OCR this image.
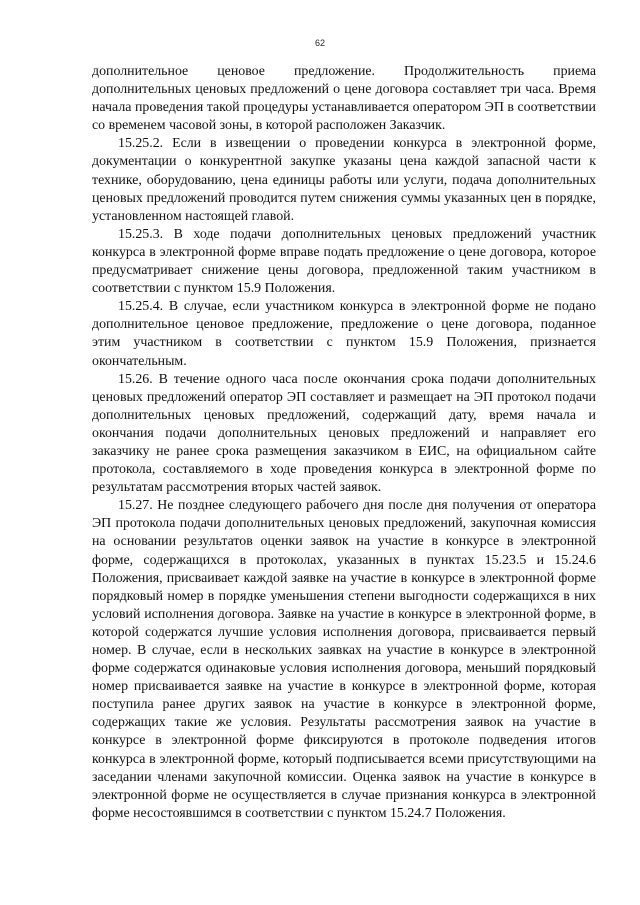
62

дополнительное ценовое предложение. Продолжительность приема дополнительных ценовых предложений о цене договора составляет три часа. Время начала проведения такой процедуры устанавливается оператором ЭП в соответствии со временем часовой зоны, в которой расположен Заказчик.

15.25.2. Если в извещении о проведении конкурса в электронной форме, документации о конкурентной закупке указаны цена каждой запасной части к технике, оборудованию, цена единицы работы или услуги, подача дополнительных ценовых предложений проводится путем снижения суммы указанных цен в порядке, установленном настоящей главой.

15.25.3. В ходе подачи дополнительных ценовых предложений участник конкурса в электронной форме вправе подать предложение о цене договора, которое предусматривает снижение цены договора, предложенной таким участником в соответствии с пунктом 15.9 Положения.

15.25.4. В случае, если участником конкурса в электронной форме не подано дополнительное ценовое предложение, предложение о цене договора, поданное этим участником в соответствии с пунктом 15.9 Положения, признается окончательным.

15.26. В течение одного часа после окончания срока подачи дополнительных ценовых предложений оператор ЭП составляет и размещает на ЭП протокол подачи дополнительных ценовых предложений, содержащий дату, время начала и окончания подачи дополнительных ценовых предложений и направляет его заказчику не ранее срока размещения заказчиком в ЕИС, на официальном сайте протокола, составляемого в ходе проведения конкурса в электронной форме по результатам рассмотрения вторых частей заявок.

15.27. Не позднее следующего рабочего дня после дня получения от оператора ЭП протокола подачи дополнительных ценовых предложений, закупочная комиссия на основании результатов оценки заявок на участие в конкурсе в электронной форме, содержащихся в протоколах, указанных в пунктах 15.23.5 и 15.24.6 Положения, присваивает каждой заявке на участие в конкурсе в электронной форме порядковый номер в порядке уменьшения степени выгодности содержащихся в них условий исполнения договора. Заявке на участие в конкурсе в электронной форме, в которой содержатся лучшие условия исполнения договора, присваивается первый номер. В случае, если в нескольких заявках на участие в конкурсе в электронной форме содержатся одинаковые условия исполнения договора, меньший порядковый номер присваивается заявке на участие в конкурсе в электронной форме, которая поступила ранее других заявок на участие в конкурсе в электронной форме, содержащих такие же условия. Результаты рассмотрения заявок на участие в конкурсе в электронной форме фиксируются в протоколе подведения итогов конкурса в электронной форме, который подписывается всеми присутствующими на заседании членами закупочной комиссии. Оценка заявок на участие в конкурсе в электронной форме не осуществляется в случае признания конкурса в электронной форме несостоявшимся в соответствии с пунктом 15.24.7 Положения.
